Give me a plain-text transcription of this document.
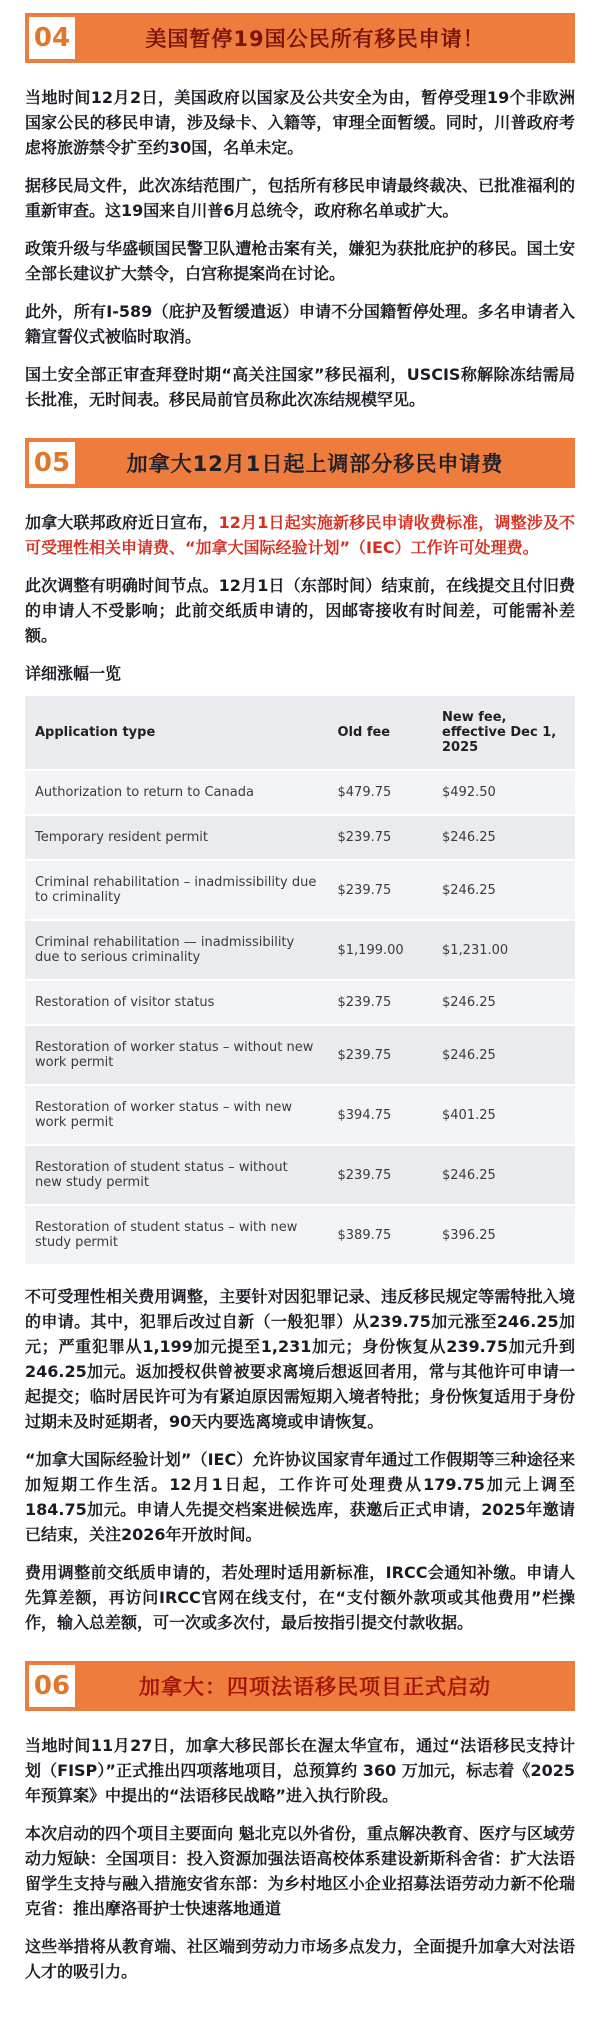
04	美国暂停19国公民所有移民申请！

当地时间12月2日，美国政府以国家及公共安全为由，暂停受理19个非欧洲国家公民的移民申请，涉及绿卡、入籍等，审理全面暂缓。同时，川普政府考虑将旅游禁令扩至约30国，名单未定。

据移民局文件，此次冻结范围广，包括所有移民申请最终裁决、已批准福利的重新审查。这19国来自川普6月总统令，政府称名单或扩大。

政策升级与华盛顿国民警卫队遭枪击案有关，嫌犯为获批庇护的移民。国土安全部长建议扩大禁令，白宫称提案尚在讨论。

此外，所有I-589（庇护及暂缓遣返）申请不分国籍暂停处理。多名申请者入籍宣誓仪式被临时取消。

国土安全部正审查拜登时期“高关注国家”移民福利，USCIS称解除冻结需局长批准，无时间表。移民局前官员称此次冻结规模罕见。

05	加拿大12月1日起上调部分移民申请费

加拿大联邦政府近日宣布，12月1日起实施新移民申请收费标准，调整涉及不可受理性相关申请费、“加拿大国际经验计划”（IEC）工作许可处理费。

此次调整有明确时间节点。12月1日（东部时间）结束前，在线提交且付旧费的申请人不受影响；此前交纸质申请的，因邮寄接收有时间差，可能需补差额。

详细涨幅一览
Application type	Old fee	New fee, effective Dec 1, 2025
Authorization to return to Canada	$479.75	$492.50
Temporary resident permit	$239.75	$246.25
Criminal rehabilitation – inadmissibility due to criminality	$239.75	$246.25
Criminal rehabilitation — inadmissibility due to serious criminality	$1,199.00	$1,231.00
Restoration of visitor status	$239.75	$246.25
Restoration of worker status – without new work permit	$239.75	$246.25
Restoration of worker status – with new work permit	$394.75	$401.25
Restoration of student status – without new study permit	$239.75	$246.25
Restoration of student status – with new study permit	$389.75	$396.25

不可受理性相关费用调整，主要针对因犯罪记录、违反移民规定等需特批入境的申请。其中，犯罪后改过自新（一般犯罪）从239.75加元涨至246.25加元；严重犯罪从1,199加元提至1,231加元；身份恢复从239.75加元升到246.25加元。返加授权供曾被要求离境后想返回者用，常与其他许可申请一起提交；临时居民许可为有紧迫原因需短期入境者特批；身份恢复适用于身份过期未及时延期者，90天内要选离境或申请恢复。

“加拿大国际经验计划”（IEC）允许协议国家青年通过工作假期等三种途径来加短期工作生活。12月1日起，工作许可处理费从179.75加元上调至184.75加元。申请人先提交档案进候选库，获邀后正式申请，2025年邀请已结束，关注2026年开放时间。

费用调整前交纸质申请的，若处理时适用新标准，IRCC会通知补缴。申请人先算差额，再访问IRCC官网在线支付，在“支付额外款项或其他费用”栏操作，输入总差额，可一次或多次付，最后按指引提交付款收据。

06	加拿大：四项法语移民项目正式启动

当地时间11月27日，加拿大移民部长在渥太华宣布，通过“法语移民支持计划（FISP）”正式推出四项落地项目，总预算约 360 万加元，标志着《2025 年预算案》中提出的“法语移民战略”进入执行阶段。

本次启动的四个项目主要面向 魁北克以外省份，重点解决教育、医疗与区域劳动力短缺：全国项目：投入资源加强法语高校体系建设新斯科舍省：扩大法语留学生支持与融入措施安省东部：为乡村地区小企业招募法语劳动力新不伦瑞克省：推出摩洛哥护士快速落地通道

这些举措将从教育端、社区端到劳动力市场多点发力，全面提升加拿大对法语人才的吸引力。
